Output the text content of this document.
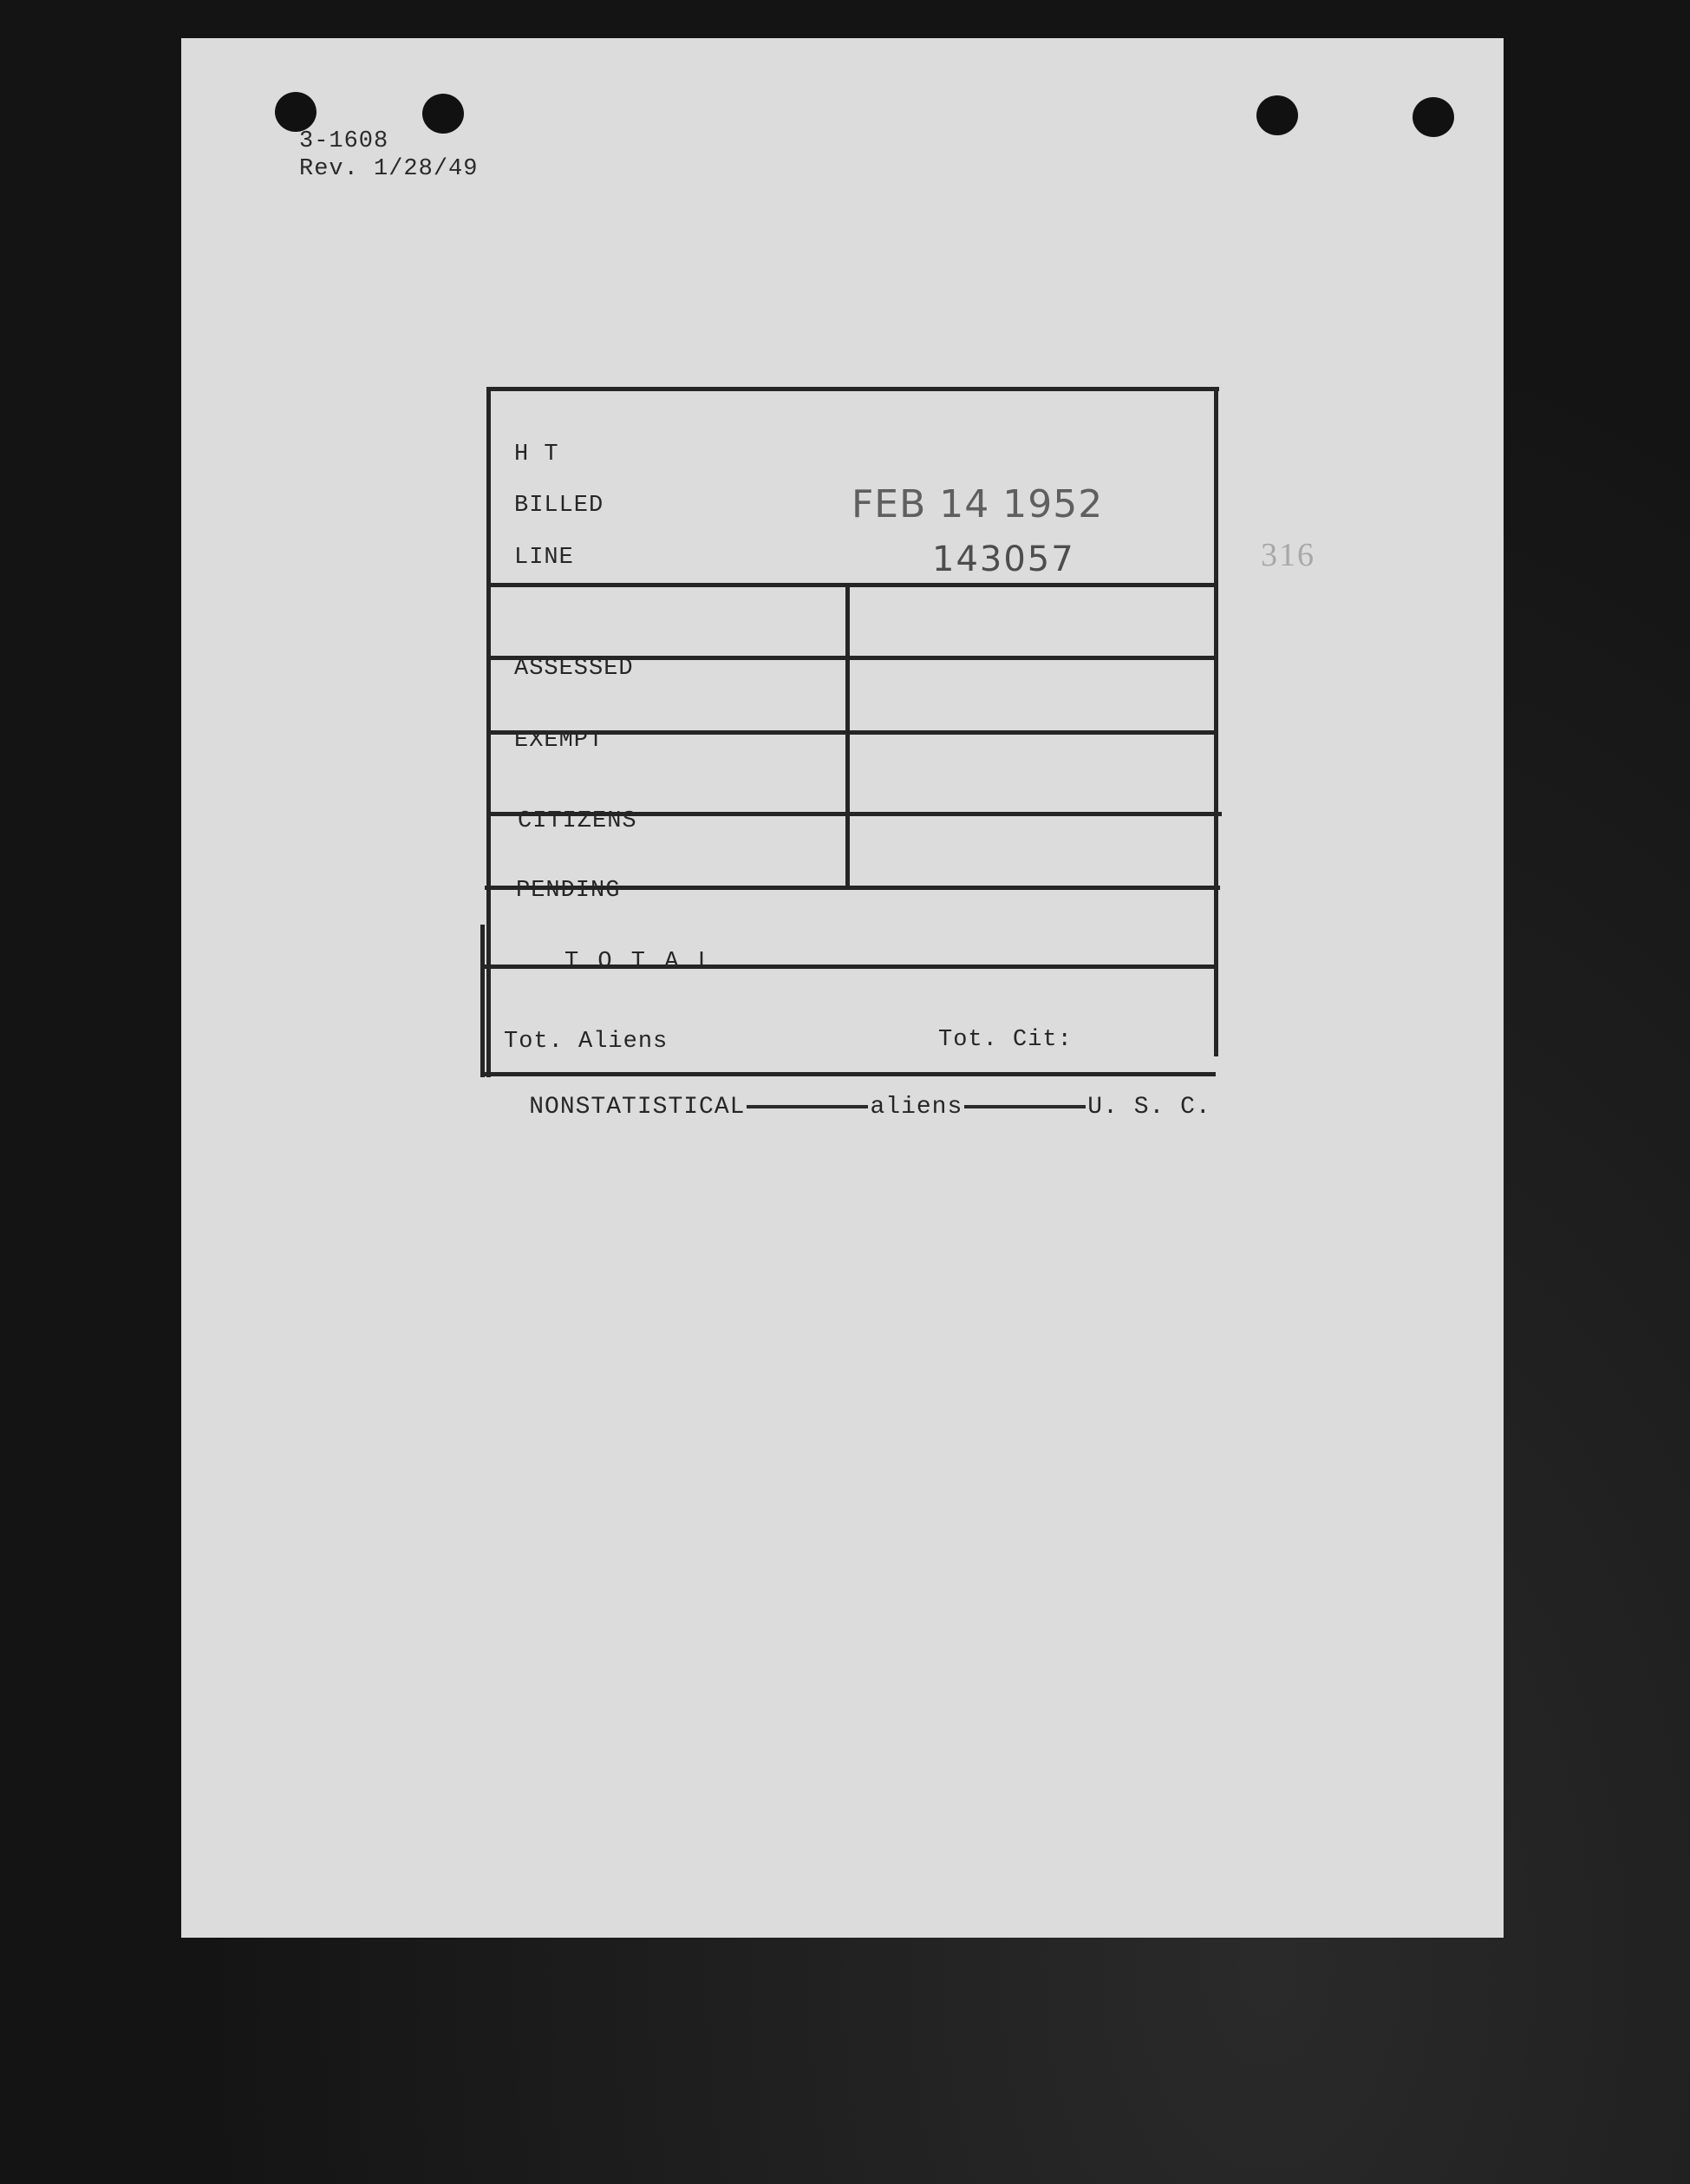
3-1608
Rev. 1/28/49
316
H T
BILLED	FEB 14 1952
LINE	143057
ASSESSED
EXEMPT
CITIZENS
PENDING
T O T A L
Tot. Aliens	Tot. Cit:

NONSTATISTICAL	aliens	U. S. C.
